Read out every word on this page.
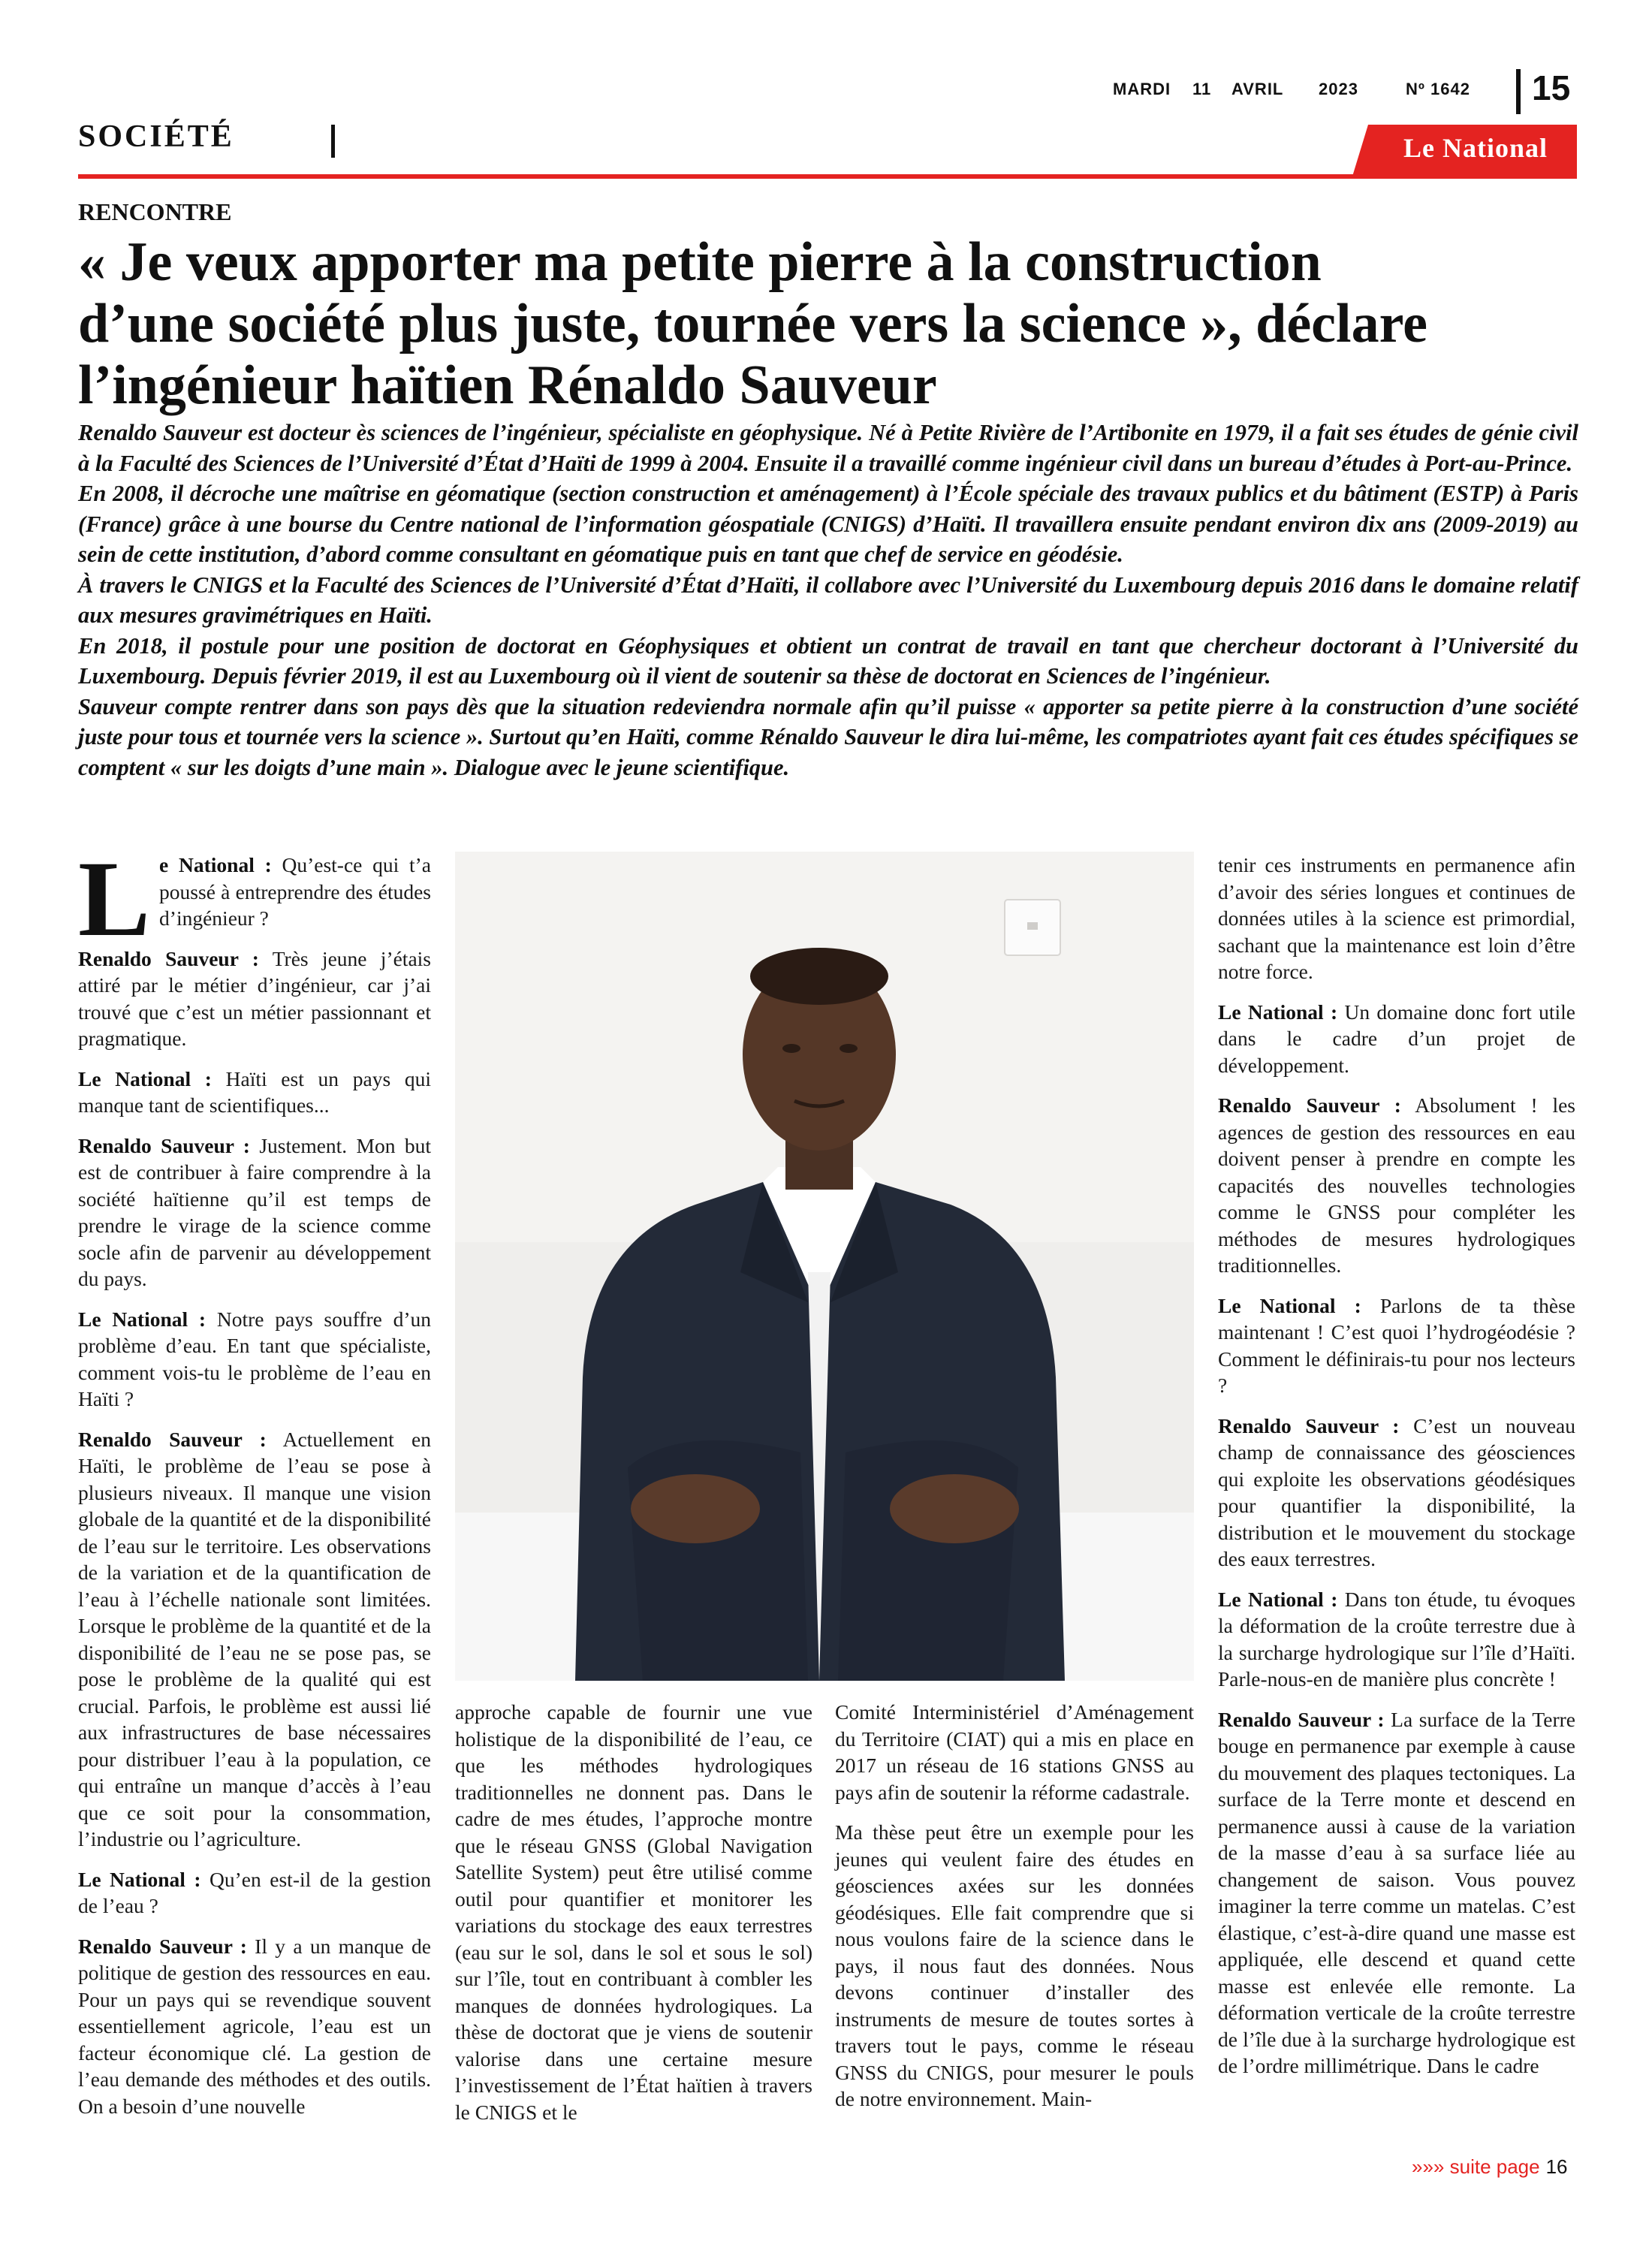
MARDI 11 AVRIL 2023	Nº 1642 15
SOCIÉTÉ	Le National
RENCONTRE
« Je veux apporter ma petite pierre à la construction
d’une société plus juste, tournée vers la science », déclare
l’ingénieur haïtien Rénaldo Sauveur

Renaldo Sauveur est docteur ès sciences de l’ingénieur, spécialiste en géophysique. Né à Petite Rivière de l’Artibonite en 1979, il a fait ses études de génie civil à la Faculté des Sciences de l’Université d’État d’Haïti de 1999 à 2004. Ensuite il a travaillé comme ingénieur civil dans un bureau d’études à Port-au-Prince.

En 2008, il décroche une maîtrise en géomatique (section construction et aménagement) à l’École spéciale des travaux publics et du bâtiment (ESTP) à Paris (France) grâce à une bourse du Centre national de l’information géospatiale (CNIGS) d’Haïti. Il travaillera ensuite pendant environ dix ans (2009-2019) au sein de cette institution, d’abord comme consultant en géomatique puis en tant que chef de service en géodésie.

À travers le CNIGS et la Faculté des Sciences de l’Université d’État d’Haïti, il collabore avec l’Université du Luxembourg depuis 2016 dans le domaine relatif aux mesures gravimétriques en Haïti.

En 2018, il postule pour une position de doctorat en Géophysiques et obtient un contrat de travail en tant que chercheur doctorant à l’Université du Luxembourg. Depuis février 2019, il est au Luxembourg où il vient de soutenir sa thèse de doctorat en Sciences de l’ingénieur.

Sauveur compte rentrer dans son pays dès que la situation redeviendra normale afin qu’il puisse « apporter sa petite pierre à la construction d’une société juste pour tous et tournée vers la science ». Surtout qu’en Haïti, comme Rénaldo Sauveur le dira lui-même, les compatriotes ayant fait ces études spécifiques se comptent « sur les doigts d’une main ». Dialogue avec le jeune scientifique.

Le National : Qu’est-ce qui t’a poussé à entreprendre des études d’ingénieur ?

Renaldo Sauveur : Très jeune j’étais attiré par le métier d’ingénieur, car j’ai trouvé que c’est un métier passionnant et pragmatique.

Le National : Haïti est un pays qui manque tant de scientifiques...

Renaldo Sauveur : Justement. Mon but est de contribuer à faire comprendre à la société haïtienne qu’il est temps de prendre le virage de la science comme socle afin de parvenir au développement du pays.

Le National : Notre pays souffre d’un problème d’eau. En tant que spécialiste, comment vois-tu le problème de l’eau en Haïti ?

Renaldo Sauveur : Actuellement en Haïti, le problème de l’eau se pose à plusieurs niveaux. Il manque une vision globale de la quantité et de la disponibilité de l’eau sur le territoire. Les observations de la variation et de la quantification de l’eau à l’échelle nationale sont limitées. Lorsque le problème de la quantité et de la disponibilité de l’eau ne se pose pas, se pose le problème de la qualité qui est crucial. Parfois, le problème est aussi lié aux infrastructures de base nécessaires pour distribuer l’eau à la population, ce qui entraîne un manque d’accès à l’eau que ce soit pour la consommation, l’industrie ou l’agriculture.

Le National : Qu’en est-il de la gestion de l’eau ?

Renaldo Sauveur : Il y a un manque de politique de gestion des ressources en eau. Pour un pays qui se revendique souvent essentiellement agricole, l’eau est un facteur économique clé. La gestion de l’eau demande des méthodes et des outils. On a besoin d’une nouvelle

approche capable de fournir une vue holistique de la disponibilité de l’eau, ce que les méthodes hydrologiques traditionnelles ne donnent pas. Dans le cadre de mes études, l’approche montre que le réseau GNSS (Global Navigation Satellite System) peut être utilisé comme outil pour quantifier et monitorer les variations du stockage des eaux terrestres (eau sur le sol, dans le sol et sous le sol) sur l’île, tout en contribuant à combler les manques de données hydrologiques. La thèse de doctorat que je viens de soutenir valorise dans une certaine mesure l’investissement de l’État haïtien à travers le CNIGS et le

Comité Interministériel d’Aménagement du Territoire (CIAT) qui a mis en place en 2017 un réseau de 16 stations GNSS au pays afin de soutenir la réforme cadastrale.

Ma thèse peut être un exemple pour les jeunes qui veulent faire des études en géosciences axées sur les données géodésiques. Elle fait comprendre que si nous voulons faire de la science dans le pays, il nous faut des données. Nous devons continuer d’installer des instruments de mesure de toutes sortes à travers tout le pays, comme le réseau GNSS du CNIGS, pour mesurer le pouls de notre environnement. Main-

tenir ces instruments en permanence afin d’avoir des séries longues et continues de données utiles à la science est primordial, sachant que la maintenance est loin d’être notre force.

Le National : Un domaine donc fort utile dans le cadre d’un projet de développement.

Renaldo Sauveur : Absolument ! les agences de gestion des ressources en eau doivent penser à prendre en compte les capacités des nouvelles technologies comme le GNSS pour compléter les méthodes de mesures hydrologiques traditionnelles.

Le National : Parlons de ta thèse maintenant ! C’est quoi l’hydrogéodésie ? Comment le définirais-tu pour nos lecteurs ?

Renaldo Sauveur : C’est un nouveau champ de connaissance des géosciences qui exploite les observations géodésiques pour quantifier la disponibilité, la distribution et le mouvement du stockage des eaux terrestres.

Le National : Dans ton étude, tu évoques la déformation de la croûte terrestre due à la surcharge hydrologique sur l’île d’Haïti. Parle-nous-en de manière plus concrète !

Renaldo Sauveur : La surface de la Terre bouge en permanence par exemple à cause du mouvement des plaques tectoniques. La surface de la Terre monte et descend en permanence aussi à cause de la variation de la masse d’eau à sa surface liée au changement de saison. Vous pouvez imaginer la terre comme un matelas. C’est élastique, c’est-à-dire quand une masse est appliquée, elle descend et quand cette masse est enlevée elle remonte. La déformation verticale de la croûte terrestre de l’île due à la surcharge hydrologique est de l’ordre millimétrique. Dans le cadre

»»» suite page 16
